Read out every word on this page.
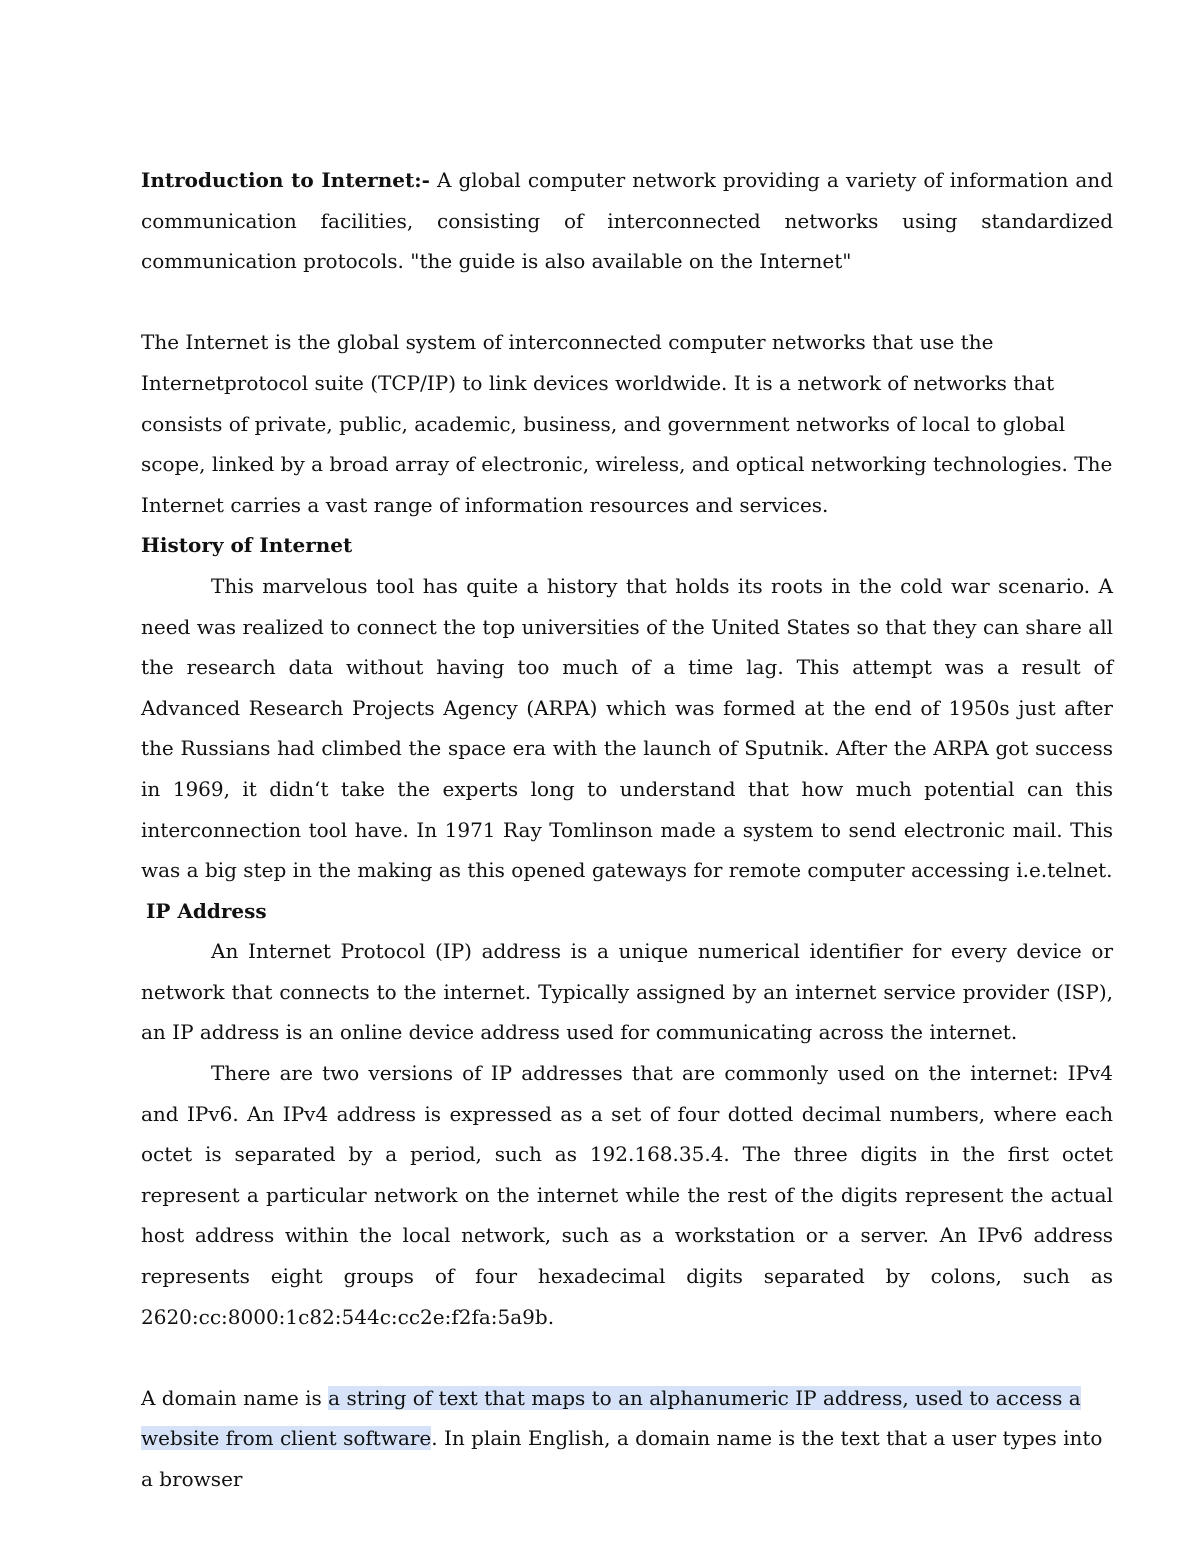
Introduction to Internet:- A global computer network providing a variety of information and communication facilities, consisting of interconnected networks using standardized communication protocols. "the guide is also available on the Internet"

The Internet is the global system of interconnected computer networks that use the Internetprotocol suite (TCP/IP) to link devices worldwide. It is a network of networks that consists of private, public, academic, business, and government networks of local to global scope, linked by a broad array of electronic, wireless, and optical networking technologies. The Internet carries a vast range of information resources and services.

History of Internet

This marvelous tool has quite a history that holds its roots in the cold war scenario. A need was realized to connect the top universities of the United States so that they can share all the research data without having too much of a time lag. This attempt was a result of Advanced Research Projects Agency (ARPA) which was formed at the end of 1950s just after the Russians had climbed the space era with the launch of Sputnik. After the ARPA got success in 1969, it didn‘t take the experts long to understand that how much potential can this interconnection tool have. In 1971 Ray Tomlinson made a system to send electronic mail. This was a big step in the making as this opened gateways for remote computer accessing i.e.telnet.

IP Address

An Internet Protocol (IP) address is a unique numerical identifier for every device or network that connects to the internet. Typically assigned by an internet service provider (ISP), an IP address is an online device address used for communicating across the internet.

There are two versions of IP addresses that are commonly used on the internet: IPv4 and IPv6. An IPv4 address is expressed as a set of four dotted decimal numbers, where each octet is separated by a period, such as 192.168.35.4. The three digits in the first octet represent a particular network on the internet while the rest of the digits represent the actual host address within the local network, such as a workstation or a server. An IPv6 address represents eight groups of four hexadecimal digits separated by colons, such as 2620:cc:8000:1c82:544c:cc2e:f2fa:5a9b.

A domain name is a string of text that maps to an alphanumeric IP address, used to access a website from client software. In plain English, a domain name is the text that a user types into a browser
